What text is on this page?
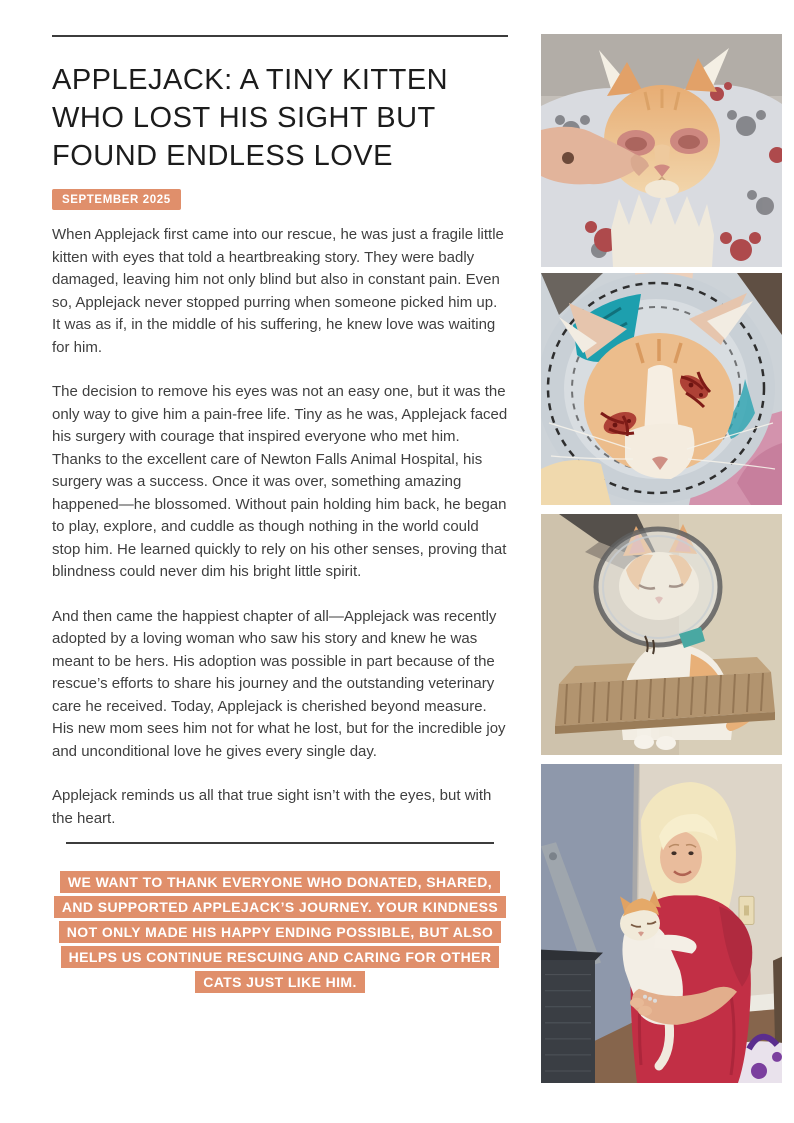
APPLEJACK: A TINY KITTEN
WHO LOST HIS SIGHT BUT
FOUND ENDLESS LOVE
SEPTEMBER 2025

When Applejack first came into our rescue, he was just a fragile little kitten with eyes that told a heartbreaking story. They were badly damaged, leaving him not only blind but also in constant pain. Even so, Applejack never stopped purring when someone picked him up. It was as if, in the middle of his suffering, he knew love was waiting for him.

The decision to remove his eyes was not an easy one, but it was the only way to give him a pain-free life. Tiny as he was, Applejack faced his surgery with courage that inspired everyone who met him. Thanks to the excellent care of Newton Falls Animal Hospital, his surgery was a success. Once it was over, something amazing happened—he blossomed. Without pain holding him back, he began to play, explore, and cuddle as though nothing in the world could stop him. He learned quickly to rely on his other senses, proving that blindness could never dim his bright little spirit.

And then came the happiest chapter of all—Applejack was recently adopted by a loving woman who saw his story and knew he was meant to be hers. His adoption was possible in part because of the rescue’s efforts to share his journey and the outstanding veterinary care he received. Today, Applejack is cherished beyond measure. His new mom sees him not for what he lost, but for the incredible joy and unconditional love he gives every single day.

Applejack reminds us all that true sight isn’t with the eyes, but with the heart.

WE WANT TO THANK EVERYONE WHO DONATED, SHARED, AND SUPPORTED APPLEJACK’S JOURNEY. YOUR KINDNESS NOT ONLY MADE HIS HAPPY ENDING POSSIBLE, BUT ALSO HELPS US CONTINUE RESCUING AND CARING FOR OTHER CATS JUST LIKE HIM.
